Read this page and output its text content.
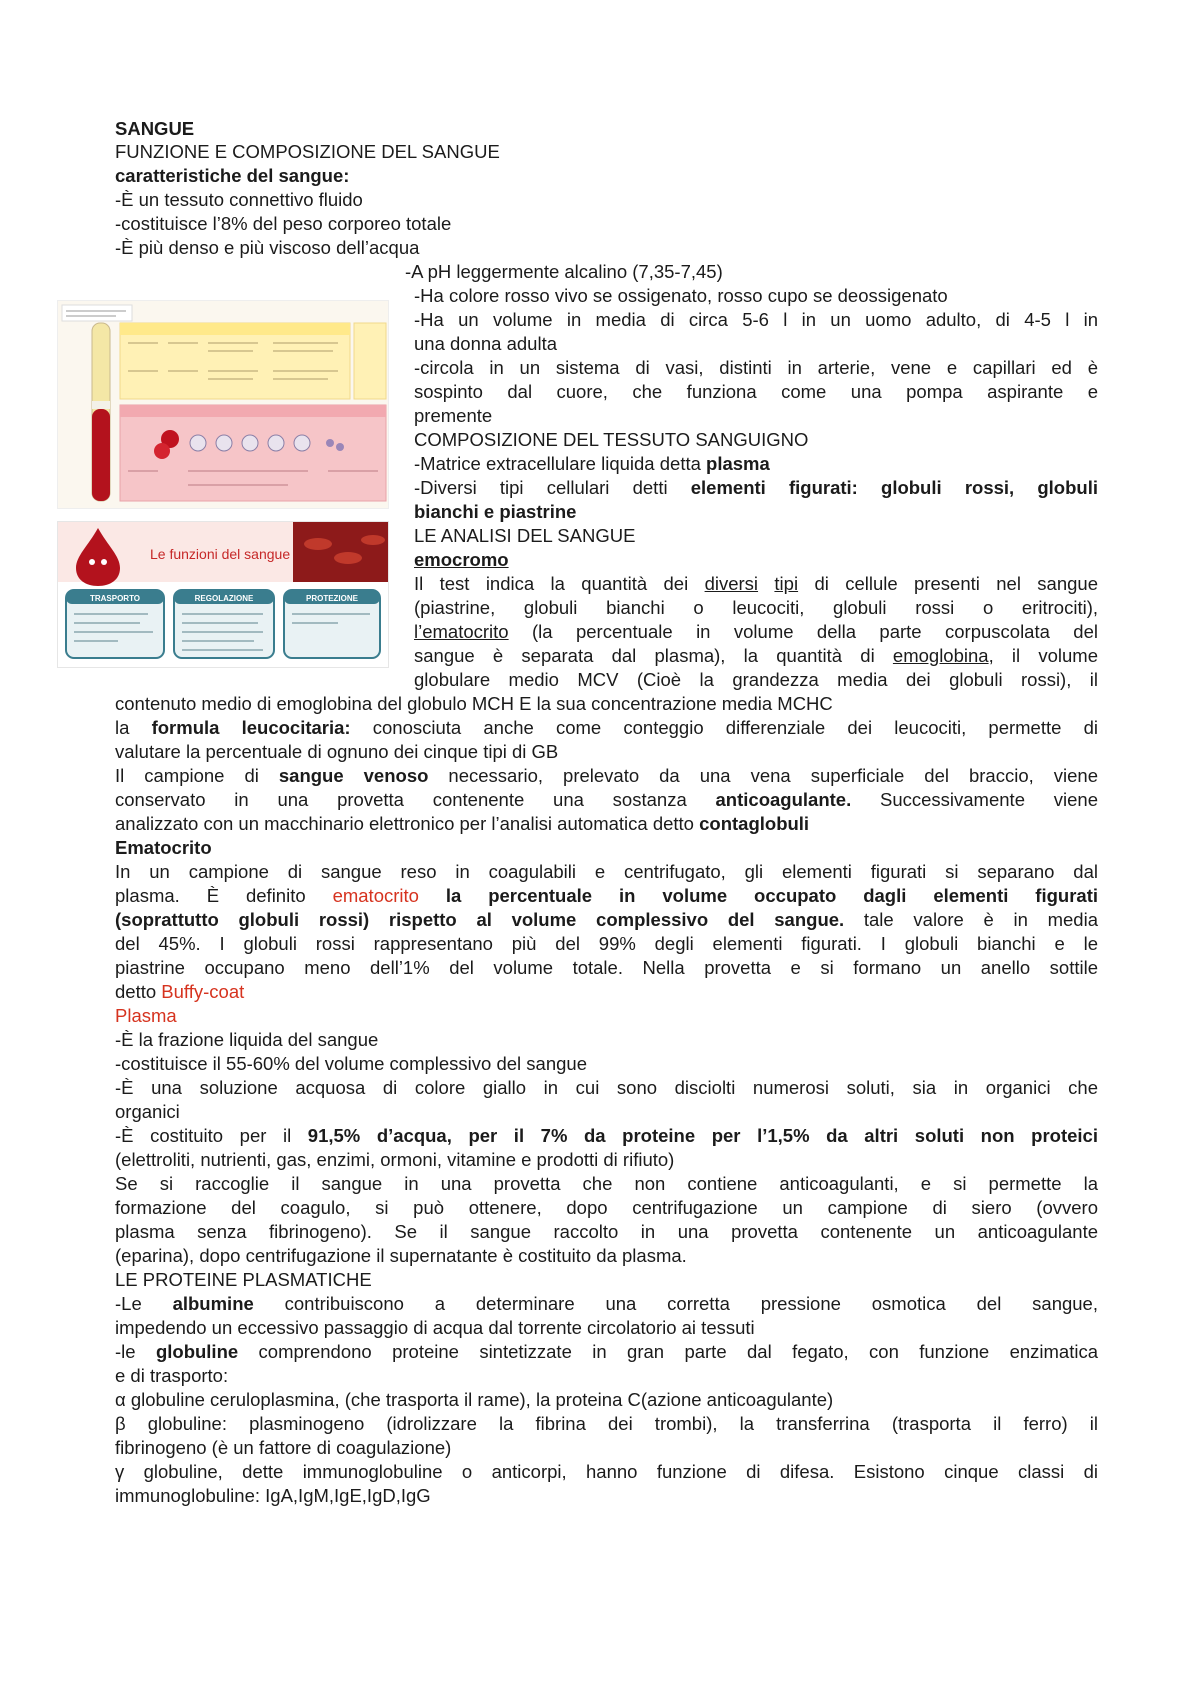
SANGUE
FUNZIONE E COMPOSIZIONE DEL SANGUE
caratteristiche del sangue:
-È un tessuto connettivo fluido
-costituisce l’8% del peso corporeo totale
-È più denso e più viscoso dell’acqua
-A pH leggermente alcalino (7,35-7,45)
-Ha colore rosso vivo se ossigenato, rosso cupo se deossigenato
-Ha un volume in media di circa 5-6 l in un uomo adulto, di 4-5 l in
una donna adulta
-circola in un sistema di vasi, distinti in arterie, vene e capillari ed è
sospinto dal cuore, che funziona come una pompa aspirante e
premente
COMPOSIZIONE DEL TESSUTO SANGUIGNO
-Matrice extracellulare liquida detta plasma
-Diversi tipi cellulari detti elementi figurati: globuli rossi, globuli
bianchi e piastrine
LE ANALISI DEL SANGUE
emocromo
Il test indica la quantità dei diversi tipi di cellule presenti nel sangue
(piastrine, globuli bianchi o leucociti, globuli rossi o eritrociti),
l’ematocrito (la percentuale in volume della parte corpuscolata del
sangue è separata dal plasma), la quantità di emoglobina, il volume
globulare medio MCV (Cioè la grandezza media dei globuli rossi), il
contenuto medio di emoglobina del globulo MCH E la sua concentrazione media MCHC
la formula leucocitaria: conosciuta anche come conteggio differenziale dei leucociti, permette di
valutare la percentuale di ognuno dei cinque tipi di GB
Il campione di sangue venoso necessario, prelevato da una vena superficiale del braccio, viene
conservato in una provetta contenente una sostanza anticoagulante. Successivamente viene
analizzato con un macchinario elettronico per l’analisi automatica detto contaglobuli
Ematocrito
In un campione di sangue reso in coagulabili e centrifugato, gli elementi figurati si separano dal
plasma. È definito ematocrito la percentuale in volume occupato dagli elementi figurati
(soprattutto globuli rossi) rispetto al volume complessivo del sangue. tale valore è in media
del 45%. I globuli rossi rappresentano più del 99% degli elementi figurati. I globuli bianchi e le
piastrine occupano meno dell’1% del volume totale. Nella provetta e si formano un anello sottile
detto Buffy-coat
Plasma
-È la frazione liquida del sangue
-costituisce il 55-60% del volume complessivo del sangue
-È una soluzione acquosa di colore giallo in cui sono disciolti numerosi soluti, sia in organici che
organici
-È costituito per il 91,5% d’acqua, per il 7% da proteine per l’1,5% da altri soluti non proteici
(elettroliti, nutrienti, gas, enzimi, ormoni, vitamine e prodotti di rifiuto)
Se si raccoglie il sangue in una provetta che non contiene anticoagulanti, e si permette la
formazione del coagulo, si può ottenere, dopo centrifugazione un campione di siero (ovvero
plasma senza fibrinogeno). Se il sangue raccolto in una provetta contenente un anticoagulante
(eparina), dopo centrifugazione il supernatante è costituito da plasma.
LE PROTEINE PLASMATICHE
-Le albumine contribuiscono a determinare una corretta pressione osmotica del sangue,
impedendo un eccessivo passaggio di acqua dal torrente circolatorio ai tessuti
-le globuline comprendono proteine sintetizzate in gran parte dal fegato, con funzione enzimatica
e di trasporto:
α globuline ceruloplasmina, (che trasporta il rame), la proteina C(azione anticoagulante)
β globuline: plasminogeno (idrolizzare la fibrina dei trombi), la transferrina (trasporta il ferro) il
fibrinogeno (è un fattore di coagulazione)
γ globuline, dette immunoglobuline o anticorpi, hanno funzione di difesa. Esistono cinque classi di
immunoglobuline: IgA,IgM,IgE,IgD,IgG
Le funzioni del sangue
TRASPORTO	REGOLAZIONE	PROTEZIONE
